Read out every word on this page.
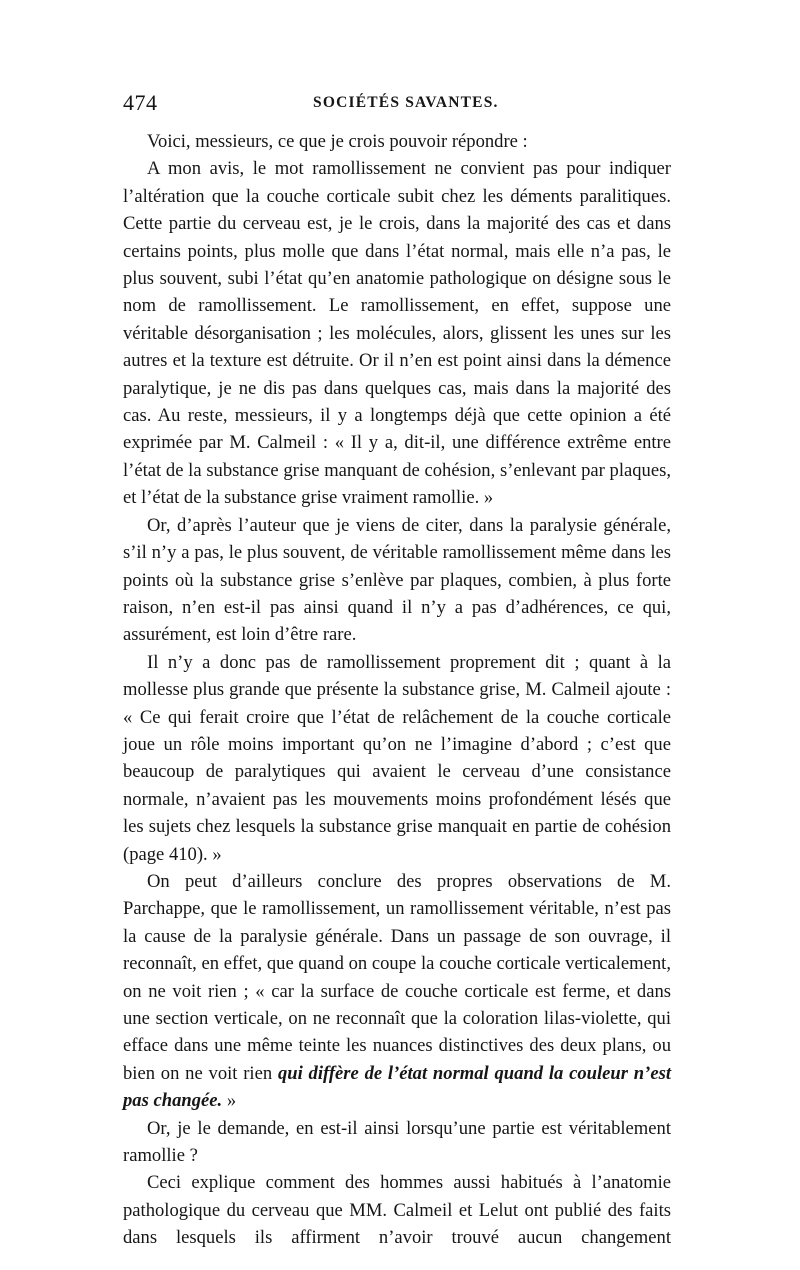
474	SOCIÉTÉS SAVANTES.

Voici, messieurs, ce que je crois pouvoir répondre :

A mon avis, le mot ramollissement ne convient pas pour indiquer l’altération que la couche corticale subit chez les déments paralitiques. Cette partie du cerveau est, je le crois, dans la majorité des cas et dans certains points, plus molle que dans l’état normal, mais elle n’a pas, le plus souvent, subi l’état qu’en anatomie pathologique on désigne sous le nom de ramollissement. Le ramollissement, en effet, suppose une véritable désorganisation ; les molécules, alors, glissent les unes sur les autres et la texture est détruite. Or il n’en est point ainsi dans la démence paralytique, je ne dis pas dans quelques cas, mais dans la majorité des cas. Au reste, messieurs, il y a longtemps déjà que cette opinion a été exprimée par M. Calmeil : « Il y a, dit-il, une différence extrême entre l’état de la substance grise manquant de cohésion, s’enlevant par plaques, et l’état de la substance grise vraiment ramollie. »

Or, d’après l’auteur que je viens de citer, dans la paralysie générale, s’il n’y a pas, le plus souvent, de véritable ramollissement même dans les points où la substance grise s’enlève par plaques, combien, à plus forte raison, n’en est-il pas ainsi quand il n’y a pas d’adhérences, ce qui, assurément, est loin d’être rare.

Il n’y a donc pas de ramollissement proprement dit ; quant à la mollesse plus grande que présente la substance grise, M. Calmeil ajoute : « Ce qui ferait croire que l’état de relâchement de la couche corticale joue un rôle moins important qu’on ne l’imagine d’abord ; c’est que beaucoup de paralytiques qui avaient le cerveau d’une consistance normale, n’avaient pas les mouvements moins profondément lésés que les sujets chez lesquels la substance grise manquait en partie de cohésion (page 410). »

On peut d’ailleurs conclure des propres observations de M. Parchappe, que le ramollissement, un ramollissement véritable, n’est pas la cause de la paralysie générale. Dans un passage de son ouvrage, il reconnaît, en effet, que quand on coupe la couche corticale verticalement, on ne voit rien ; « car la surface de couche corticale est ferme, et dans une section verticale, on ne reconnaît que la coloration lilas-violette, qui efface dans une même teinte les nuances distinctives des deux plans, ou bien on ne voit rien qui diffère de l’état normal quand la couleur n’est pas changée. »

Or, je le demande, en est-il ainsi lorsqu’une partie est véritablement ramollie ?

Ceci explique comment des hommes aussi habitués à l’anatomie pathologique du cerveau que MM. Calmeil et Lelut ont publié des faits dans lesquels ils affirment n’avoir trouvé aucun changement
